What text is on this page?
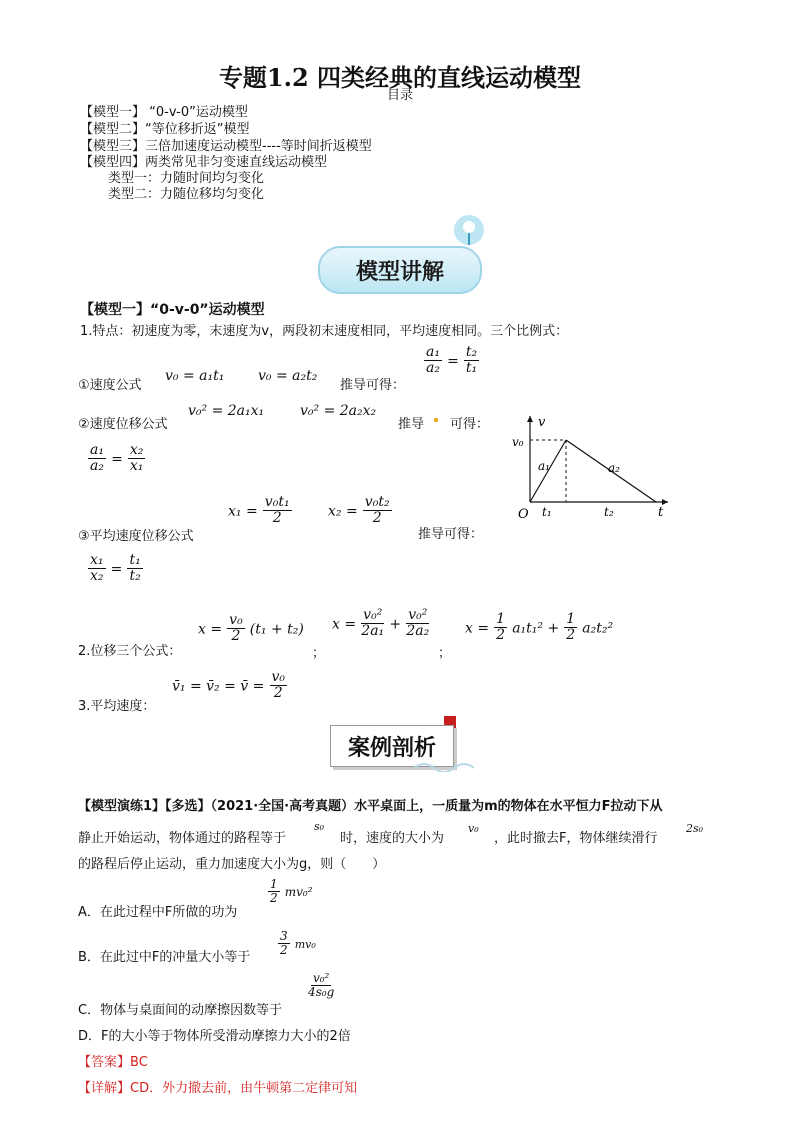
专题1.2 四类经典的直线运动模型
目录
【模型一】 “0-v-0”运动模型
【模型二】“等位移折返”模型
【模型三】三倍加速度运动模型----等时间折返模型
【模型四】两类常见非匀变速直线运动模型
类型一：力随时间均匀变化
类型二：力随位移均匀变化
模型讲解
【模型一】“0-v-0”运动模型
1.特点：初速度为零，末速度为v，两段初末速度相同，平均速度相同。三个比例式：
①速度公式
v₀ = a₁t₁ v₀ = a₂t₂
推导可得：
$\frac{\text{a₁}}{\text{a₂}} = \frac{\text{t₂}}{\text{t₁}}$
②速度位移公式
v₀² = 2a₁x₁	v₀² = 2a₂x₂
推导 可得：
$\frac{\text{a₁}}{\text{a₂}} = \frac{\text{x₂}}{\text{x₁}}$
v
v₀
a₁	a₂
O t₁	t₂	t
$x_1 = \frac{\text{v₀t₁}}{2}$	$x_2 = \frac{\text{v₀t₂}}{2}$
③平均速度位移公式	推导可得：
$\frac{\text{x₁}}{\text{x₂}} = \frac{\text{t₁}}{\text{t₂}}$
$x = \frac{\text{v₀}}{2} (t_1 + t_2) x = \frac{\text{v₀²}}{\text{2a₁}} + \frac{\text{v₀²}}{\text{2a₂}}$	$x = \frac{1}{2} a_1t_1^2 + \frac{1}{2} a_2t_2^2$
2.位移三个公式：	；	；
v̄₁ = v̄₂ = v̄ = $\frac{\text{v₀}}{2}$
3.平均速度：
案例剖析
【模型演练1】【多选】（2021·全国·高考真题）水平桌面上，一质量为m的物体在水平恒力F拉动下从
静止开始运动，物体通过的路程等于
s₀
时，速度的大小为
v₀
，此时撤去F，物体继续滑行
2s₀
的路程后停止运动，重力加速度大小为g，则（　　）
A．在此过程中F所做的功为
$\frac{1}{2} mv_0^2$
B．在此过中F的冲量大小等于
$\frac{3}{2} mv_0$
C．物体与桌面间的动摩擦因数等于
$\frac{\text{v₀²}}{\text{4s₀g}}$
D．F的大小等于物体所受滑动摩擦力大小的2倍
【答案】BC
【详解】CD．外力撤去前，由牛顿第二定律可知
